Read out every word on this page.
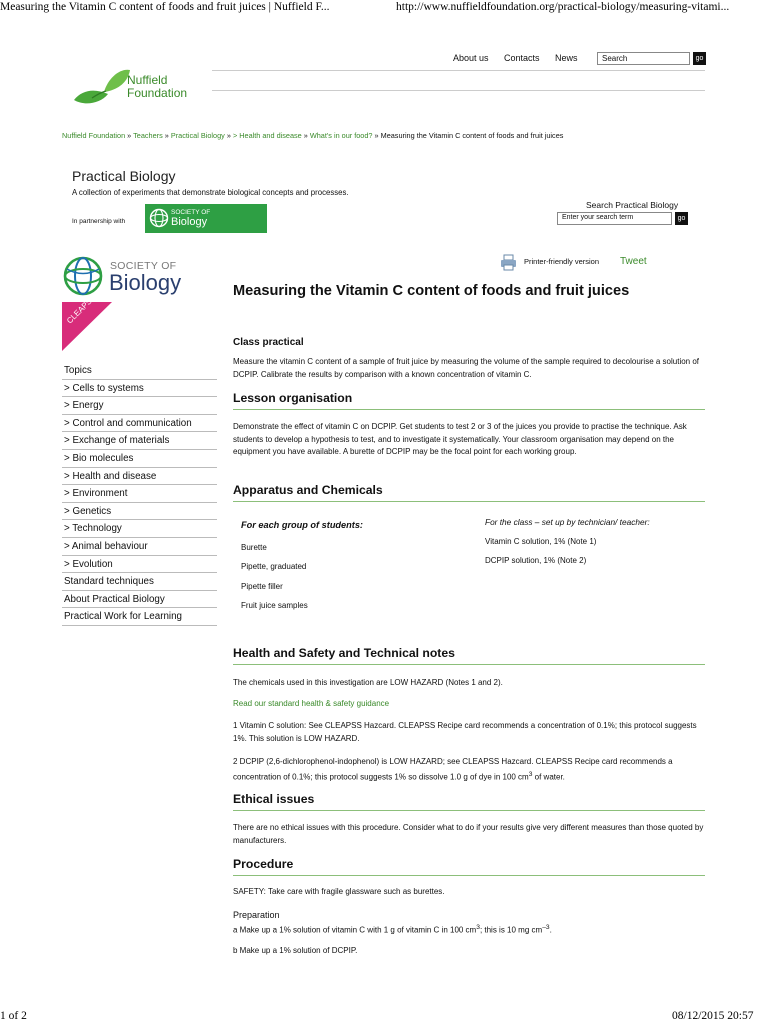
Measuring the Vitamin C content of foods and fruit juices | Nuffield F...	http://www.nuffieldfoundation.org/practical-biology/measuring-vitami...
Nuffield
Foundation
About us Contacts News	Search	go
Nuffield Foundation » Teachers » Practical Biology » > Health and disease » What's in our food? » Measuring the Vitamin C content of foods and fruit juices
Practical Biology
A collection of experiments that demonstrate biological concepts and processes.
In partnership with
SOCIETY OF
Biology
Search Practical Biology
Enter your search term	go
Printer-friendly version Tweet
SOCIETY OF
Biology
CLEAPSS
Topics
> Cells to systems
> Energy
> Control and communication
> Exchange of materials
> Bio molecules
> Health and disease
> Environment
> Genetics
> Technology
> Animal behaviour
> Evolution
Standard techniques
About Practical Biology
Practical Work for Learning
Measuring the Vitamin C content of foods and fruit juices
Class practical
Measure the vitamin C content of a sample of fruit juice by measuring the volume of the sample required to decolourise a solution of DCPIP. Calibrate the results by comparison with a known concentration of vitamin C.
Lesson organisation
Demonstrate the effect of vitamin C on DCPIP. Get students to test 2 or 3 of the juices you provide to practise the technique. Ask students to develop a hypothesis to test, and to investigate it systematically. Your classroom organisation may depend on the equipment you have available. A burette of DCPIP may be the focal point for each working group.
Apparatus and Chemicals
For each group of students:
Burette
Pipette, graduated
Pipette filler
Fruit juice samples
For the class – set up by technician/ teacher:
Vitamin C solution, 1% (Note 1)
DCPIP solution, 1% (Note 2)
Health and Safety and Technical notes
The chemicals used in this investigation are LOW HAZARD (Notes 1 and 2).
Read our standard health & safety guidance
1 Vitamin C solution: See CLEAPSS Hazcard. CLEAPSS Recipe card recommends a concentration of 0.1%; this protocol suggests 1%. This solution is LOW HAZARD.
2 DCPIP (2,6-dichlorophenol-indophenol) is LOW HAZARD; see CLEAPSS Hazcard. CLEAPSS Recipe card recommends a concentration of 0.1%; this protocol suggests 1% so dissolve 1.0 g of dye in 100 $cm^3$ of water.
Ethical issues
There are no ethical issues with this procedure. Consider what to do if your results give very different measures than those quoted by manufacturers.
Procedure
SAFETY: Take care with fragile glassware such as burettes.
Preparation
a Make up a 1% solution of vitamin C with 1 g of vitamin C in 100 $cm^3$; this is 10 mg $cm^{-3}$.
b Make up a 1% solution of DCPIP.
1 of 2	08/12/2015 20:57
